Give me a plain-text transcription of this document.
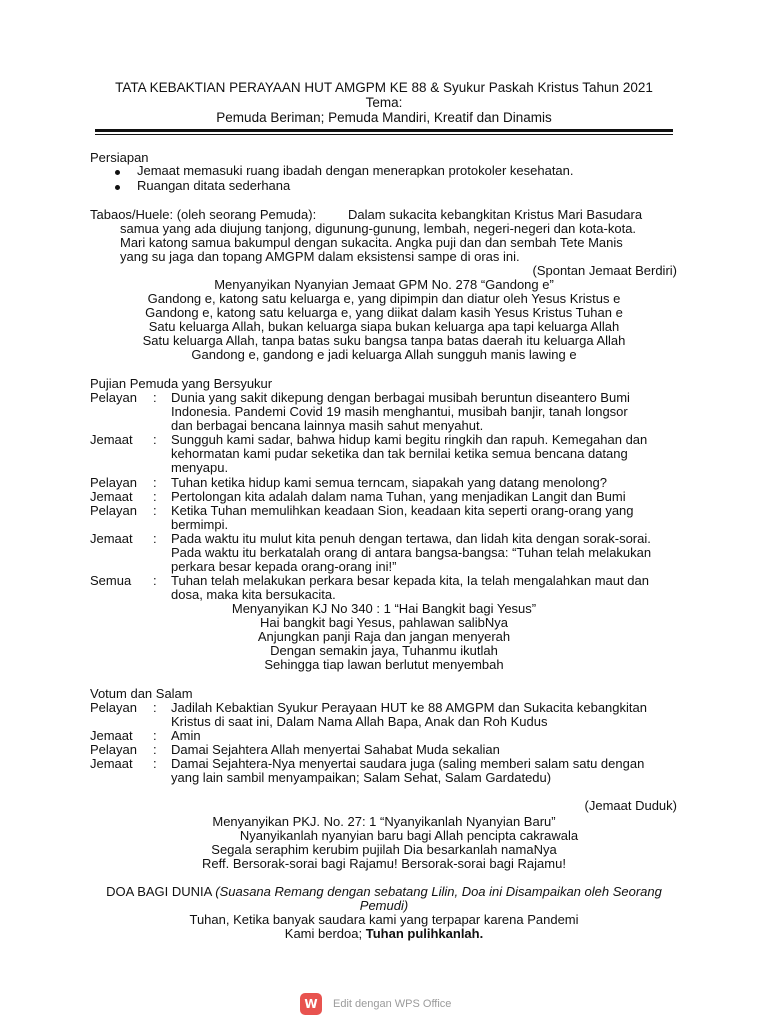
TATA KEBAKTIAN PERAYAAN HUT AMGPM KE 88 & Syukur Paskah Kristus Tahun 2021
Tema:
Pemuda Beriman; Pemuda Mandiri, Kreatif dan Dinamis
Persiapan
Jemaat memasuki ruang ibadah dengan menerapkan protokoler kesehatan.
Ruangan ditata sederhana
Tabaos/Huele: (oleh seorang Pemuda): Dalam sukacita kebangkitan Kristus Mari Basudara
samua yang ada diujung tanjong, digunung-gunung, lembah, negeri-negeri dan kota-kota.
Mari katong samua bakumpul dengan sukacita. Angka puji dan dan sembah Tete Manis
yang su jaga dan topang AMGPM dalam eksistensi sampe di oras ini.
(Spontan Jemaat Berdiri)
Menyanyikan Nyanyian Jemaat GPM No. 278 “Gandong e”
Gandong e, katong satu keluarga e, yang dipimpin dan diatur oleh Yesus Kristus e
Gandong e, katong satu keluarga e, yang diikat dalam kasih Yesus Kristus Tuhan e
Satu keluarga Allah, bukan keluarga siapa bukan keluarga apa tapi keluarga Allah
Satu keluarga Allah, tanpa batas suku bangsa tanpa batas daerah itu keluarga Allah
Gandong e, gandong e jadi keluarga Allah sungguh manis lawing e
Pujian Pemuda yang Bersyukur
Pelayan : Dunia yang sakit dikepung dengan berbagai musibah beruntun diseantero Bumi
Indonesia. Pandemi Covid 19 masih menghantui, musibah banjir, tanah longsor
dan berbagai bencana lainnya masih sahut menyahut.
Jemaat : Sungguh kami sadar, bahwa hidup kami begitu ringkih dan rapuh. Kemegahan dan
kehormatan kami pudar seketika dan tak bernilai ketika semua bencana datang
menyapu.
Pelayan : Tuhan ketika hidup kami semua terncam, siapakah yang datang menolong?
Jemaat : Pertolongan kita adalah dalam nama Tuhan, yang menjadikan Langit dan Bumi
Pelayan : Ketika Tuhan memulihkan keadaan Sion, keadaan kita seperti orang-orang yang
bermimpi.
Jemaat : Pada waktu itu mulut kita penuh dengan tertawa, dan lidah kita dengan sorak-sorai.
Pada waktu itu berkatalah orang di antara bangsa-bangsa: “Tuhan telah melakukan
perkara besar kepada orang-orang ini!”
Semua : Tuhan telah melakukan perkara besar kepada kita, Ia telah mengalahkan maut dan
dosa, maka kita bersukacita.
Menyanyikan KJ No 340 : 1 “Hai Bangkit bagi Yesus”
Hai bangkit bagi Yesus, pahlawan salibNya
Anjungkan panji Raja dan jangan menyerah
Dengan semakin jaya, Tuhanmu ikutlah
Sehingga tiap lawan berlutut menyembah
Votum dan Salam
Pelayan : Jadilah Kebaktian Syukur Perayaan HUT ke 88 AMGPM dan Sukacita kebangkitan
Kristus di saat ini, Dalam Nama Allah Bapa, Anak dan Roh Kudus
Jemaat : Amin
Pelayan : Damai Sejahtera Allah menyertai Sahabat Muda sekalian
Jemaat : Damai Sejahtera-Nya menyertai saudara juga (saling memberi salam satu dengan
yang lain sambil menyampaikan; Salam Sehat, Salam Gardatedu)
(Jemaat Duduk)
Menyanyikan PKJ. No. 27: 1 “Nyanyikanlah Nyanyian Baru”
Nyanyikanlah nyanyian baru bagi Allah pencipta cakrawala
Segala seraphim kerubim pujilah Dia besarkanlah namaNya
Reff. Bersorak-sorai bagi Rajamu! Bersorak-sorai bagi Rajamu!
DOA BAGI DUNIA (Suasana Remang dengan sebatang Lilin, Doa ini Disampaikan oleh Seorang
Pemudi)
Tuhan, Ketika banyak saudara kami yang terpapar karena Pandemi
Kami berdoa; Tuhan pulihkanlah.
W	Edit dengan WPS Office
